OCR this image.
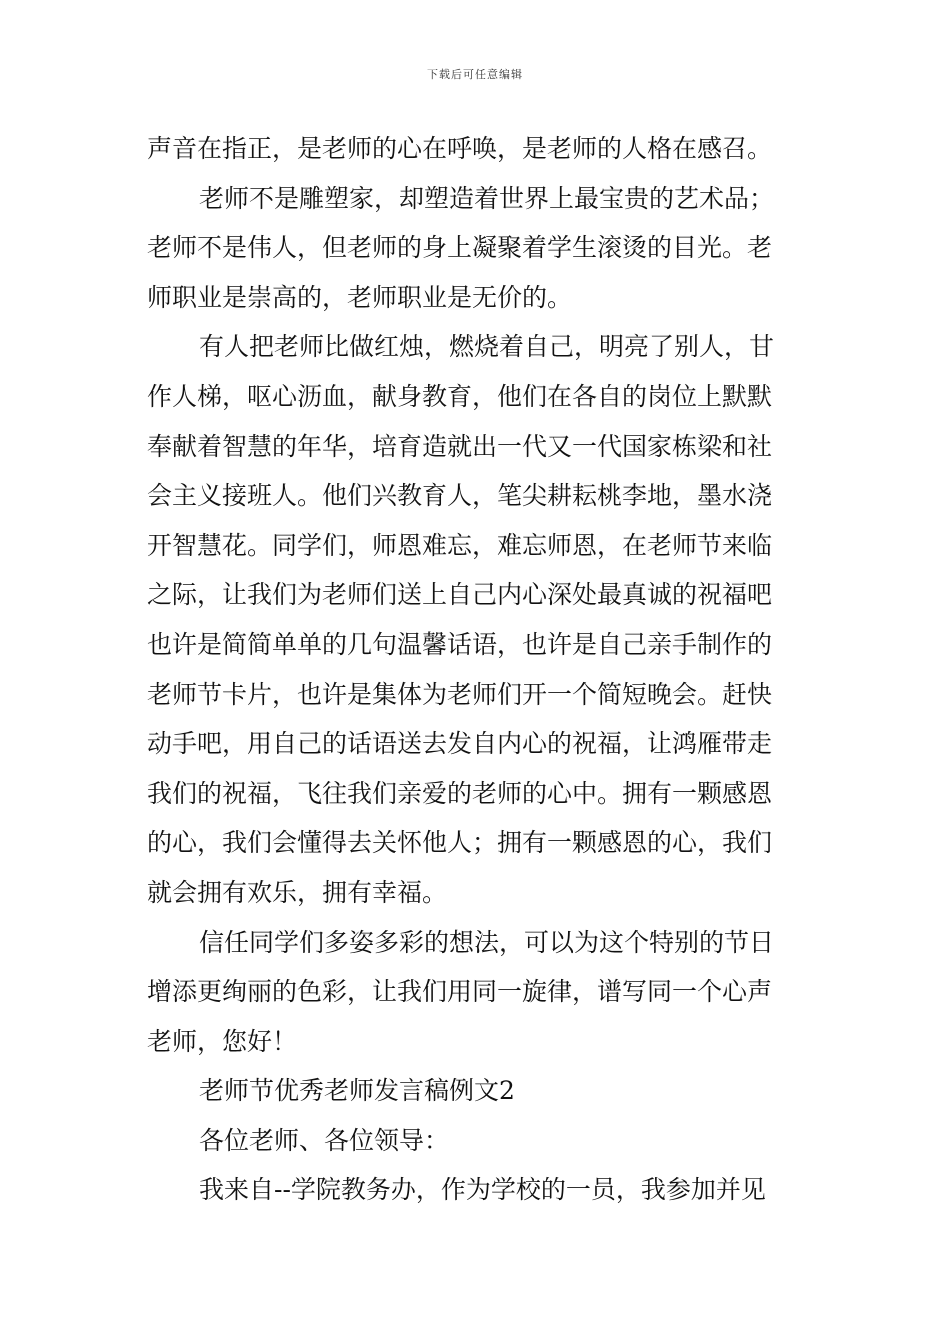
下载后可任意编辑
声音在指正，是老师的心在呼唤，是老师的人格在感召。
老师不是雕塑家，却塑造着世界上最宝贵的艺术品；
老师不是伟人，但老师的身上凝聚着学生滚烫的目光。老
师职业是崇高的，老师职业是无价的。
有人把老师比做红烛，燃烧着自己，明亮了别人，甘
作人梯，呕心沥血，献身教育，他们在各自的岗位上默默
奉献着智慧的年华，培育造就出一代又一代国家栋梁和社
会主义接班人。他们兴教育人，笔尖耕耘桃李地，墨水浇
开智慧花。同学们，师恩难忘，难忘师恩，在老师节来临
之际，让我们为老师们送上自己内心深处最真诚的祝福吧
也许是简简单单的几句温馨话语，也许是自己亲手制作的
老师节卡片，也许是集体为老师们开一个简短晚会。赶快
动手吧，用自己的话语送去发自内心的祝福，让鸿雁带走
我们的祝福，飞往我们亲爱的老师的心中。拥有一颗感恩
的心，我们会懂得去关怀他人；拥有一颗感恩的心，我们
就会拥有欢乐，拥有幸福。
信任同学们多姿多彩的想法，可以为这个特别的节日
增添更绚丽的色彩，让我们用同一旋律，谱写同一个心声
老师，您好！
老师节优秀老师发言稿例文2
各位老师、各位领导：
我来自--学院教务办，作为学校的一员，我参加并见
